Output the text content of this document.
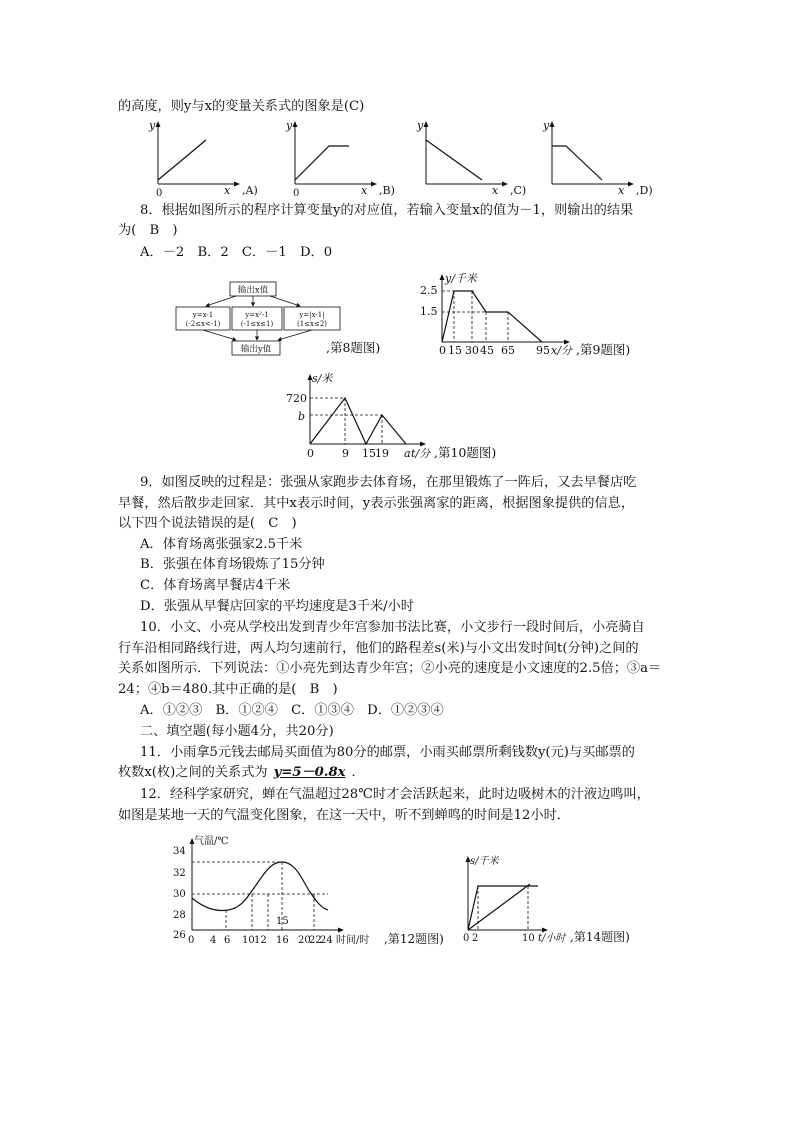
的高度，则y与x的变量关系式的图象是(C)
y
0	x ,A)
y
0	x ,B)
y
x ,C)
y
x ,D)
8．根据如图所示的程序计算变量y的对应值，若输入变量x的值为－1，则输出的结果
为(　B　)
A．－2　B．2　C．－1　D．0
输出x值
y=x-1
(-2≤x<-1)
y=x²-1
(-1≤x≤1)
y=|x-1|
(1≤x≤2)
输出y值	,第8题图)
y/千米
2.5
1.5
0 15 30 45 65 95 x/分 ,第9题图)
s/米
720
b
0	9 15 19 a t/分 ,第10题图)
9．如图反映的过程是：张强从家跑步去体育场，在那里锻炼了一阵后，又去早餐店吃
早餐，然后散步走回家．其中x表示时间，y表示张强离家的距离，根据图象提供的信息，
以下四个说法错误的是(　C　)
A．体育场离张强家2.5千米
B．张强在体育场锻炼了15分钟
C．体育场离早餐店4千米
D．张强从早餐店回家的平均速度是3千米/小时
10．小文、小亮从学校出发到青少年宫参加书法比赛，小文步行一段时间后，小亮骑自
行车沿相同路线行进，两人均匀速前行，他们的路程差s(米)与小文出发时间t(分钟)之间的
关系如图所示．下列说法：①小亮先到达青少年宫；②小亮的速度是小文速度的2.5倍；③a＝
24；④b＝480.其中正确的是(　B　)
A．①②③　B．①②④　C．①③④　D．①②③④
二、填空题(每小题4分，共20分)
11．小雨拿5元钱去邮局买面值为80分的邮票，小雨买邮票所剩钱数y(元)与买邮票的
枚数x(枚)之间的关系式为 y=5－0.8x ．
12．经科学家研究，蝉在气温超过28℃时才会活跃起来，此时边吸树木的汁液边鸣叫，
如图是某地一天的气温变化图象，在这一天中，听不到蝉鸣的时间是12小时．
气温/℃
34
32
30
28
26
15
0 4 6 10 12 16 20
22
24 时间/时 ,第12题图)
s/千米
0 2	10 t/小时 ,第14题图)
